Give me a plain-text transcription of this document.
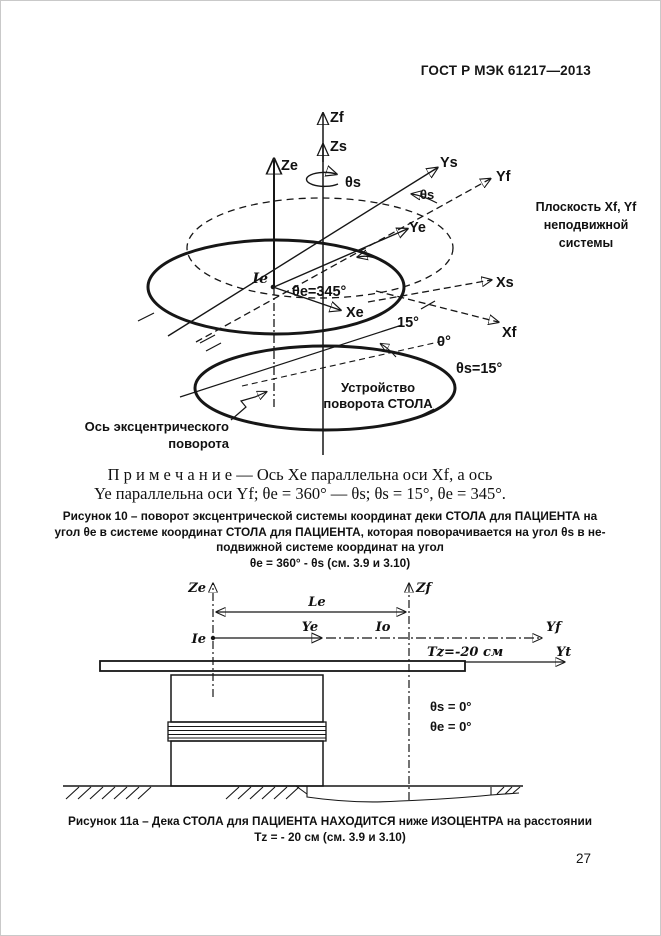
ГОСТ Р МЭК 61217—2013
Zf
Zs
Ze
θs
Ys
Yf
θs
Плоскость Xf, Yf
неподвижной
системы
Ye
Ie
θe=345°
Xe
Xs
Xf
15°
0°
θs=15°
Устройство
поворота СТОЛА
Ось эксцентрического
поворота
П р и м е ч а н и е — Ось Xe параллельна оси Xf, а ось
Ye параллельна оси Yf; θe = 360° — θs; θs = 15°, θe = 345°.
Рисунок 10 – поворот эксцентрической системы координат деки СТОЛА для ПАЦИЕНТА на
угол θe в системе координат СТОЛА для ПАЦИЕНТА, которая поворачивается на угол θs в не-
подвижной системе координат на угол
θe = 360° - θs (см. 3.9 и 3.10)
Ze	Zf
Le
Ie
Ye	Io	Yf
Yt
Tz=-20 см
θs = 0°
θe = 0°
Рисунок 11а – Дека СТОЛА для ПАЦИЕНТА НАХОДИТСЯ ниже ИЗОЦЕНТРА на расстоянии
Tz = - 20 см (см. 3.9 и 3.10)
27
